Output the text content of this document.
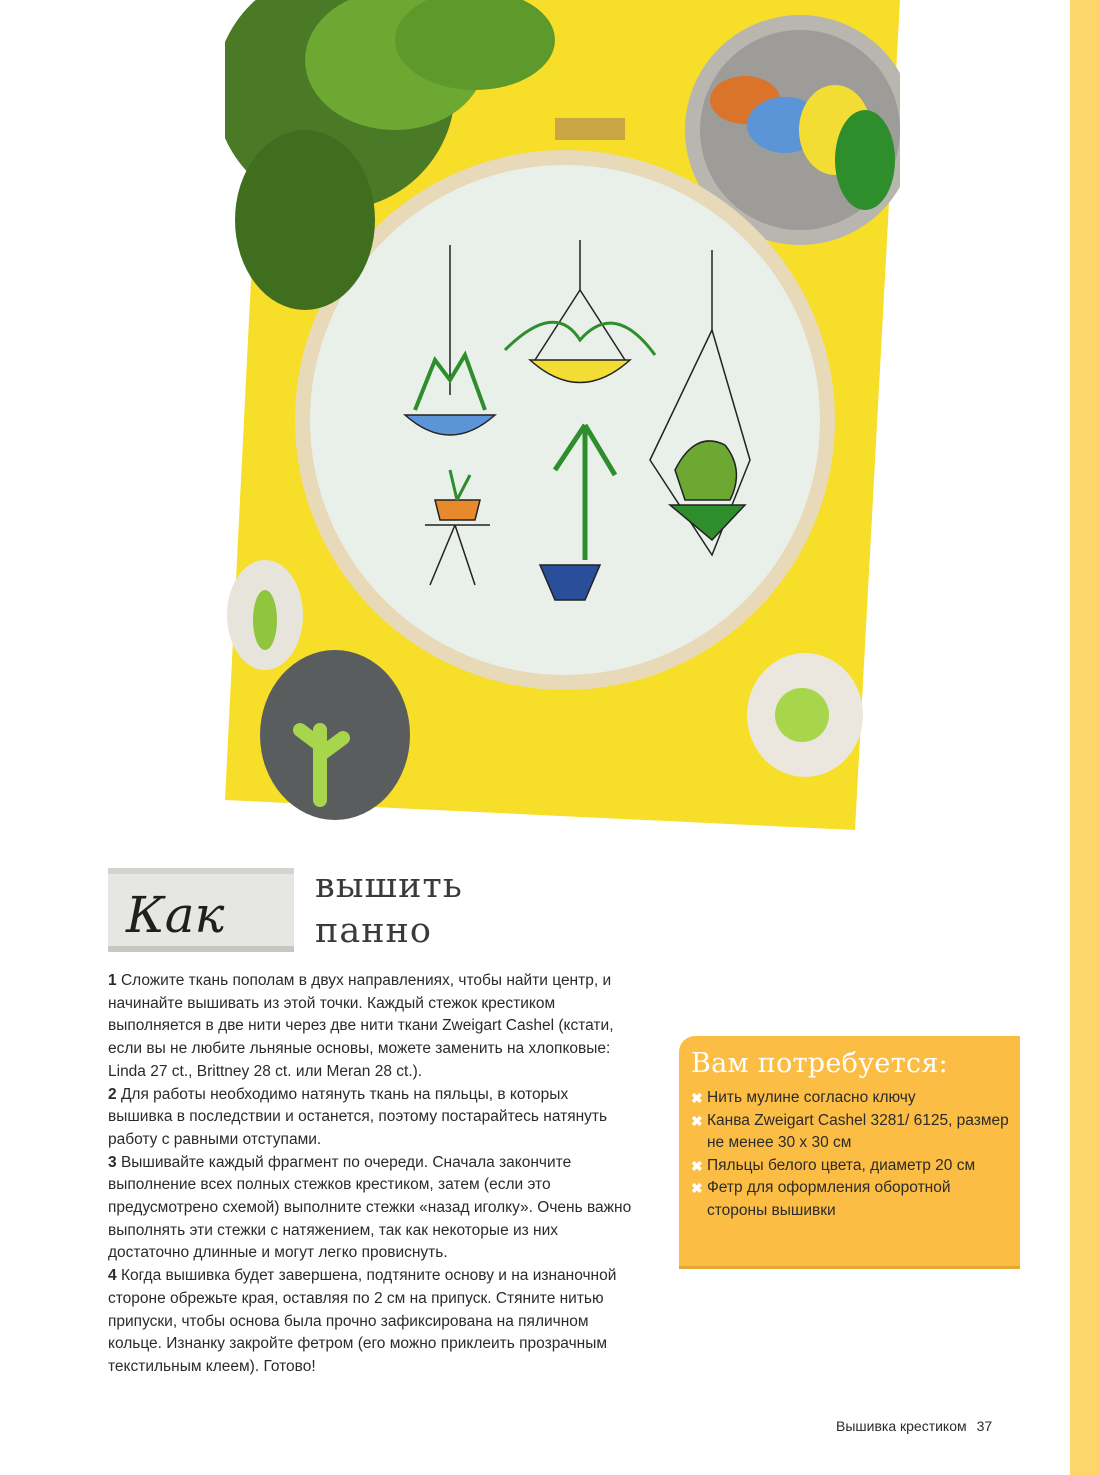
Как	вышить
панно

1 Сложите ткань пополам в двух направлениях, чтобы найти центр, и начинайте вышивать из этой точки. Каждый стежок крестиком выполняется в две нити через две нити ткани Zweigart Cashel (кстати, если вы не любите льняные основы, можете заменить на хлопковые: Linda 27 ct., Brittney 28 ct. или Meran 28 ct.).

2 Для работы необходимо натянуть ткань на пяльцы, в которых вышивка в последствии и останется, поэтому постарайтесь натянуть работу с равными отступами.

3 Вышивайте каждый фрагмент по очереди. Сначала закончите выполнение всех полных стежков крестиком, затем (если это предусмотрено схемой) выполните стежки «назад иголку». Очень важно выполнять эти стежки с натяжением, так как некоторые из них достаточно длинные и могут легко провиснуть.

4 Когда вышивка будет завершена, подтяните основу и на изнаночной стороне обрежьте края, оставляя по 2 см на припуск. Стяните нитью припуски, чтобы основа была прочно зафиксирована на пяличном кольце. Изнанку закройте фетром (его можно приклеить прозрачным текстильным клеем). Готово!

Вам потребуется:
✖ Нить мулине согласно ключу
✖ Канва Zweigart Cashel 3281/ 6125, размер не менее 30 х 30 см
✖ Пяльцы белого цвета, диаметр 20 см
✖ Фетр для оформления оборотной стороны вышивки
Вышивка крестиком 37
